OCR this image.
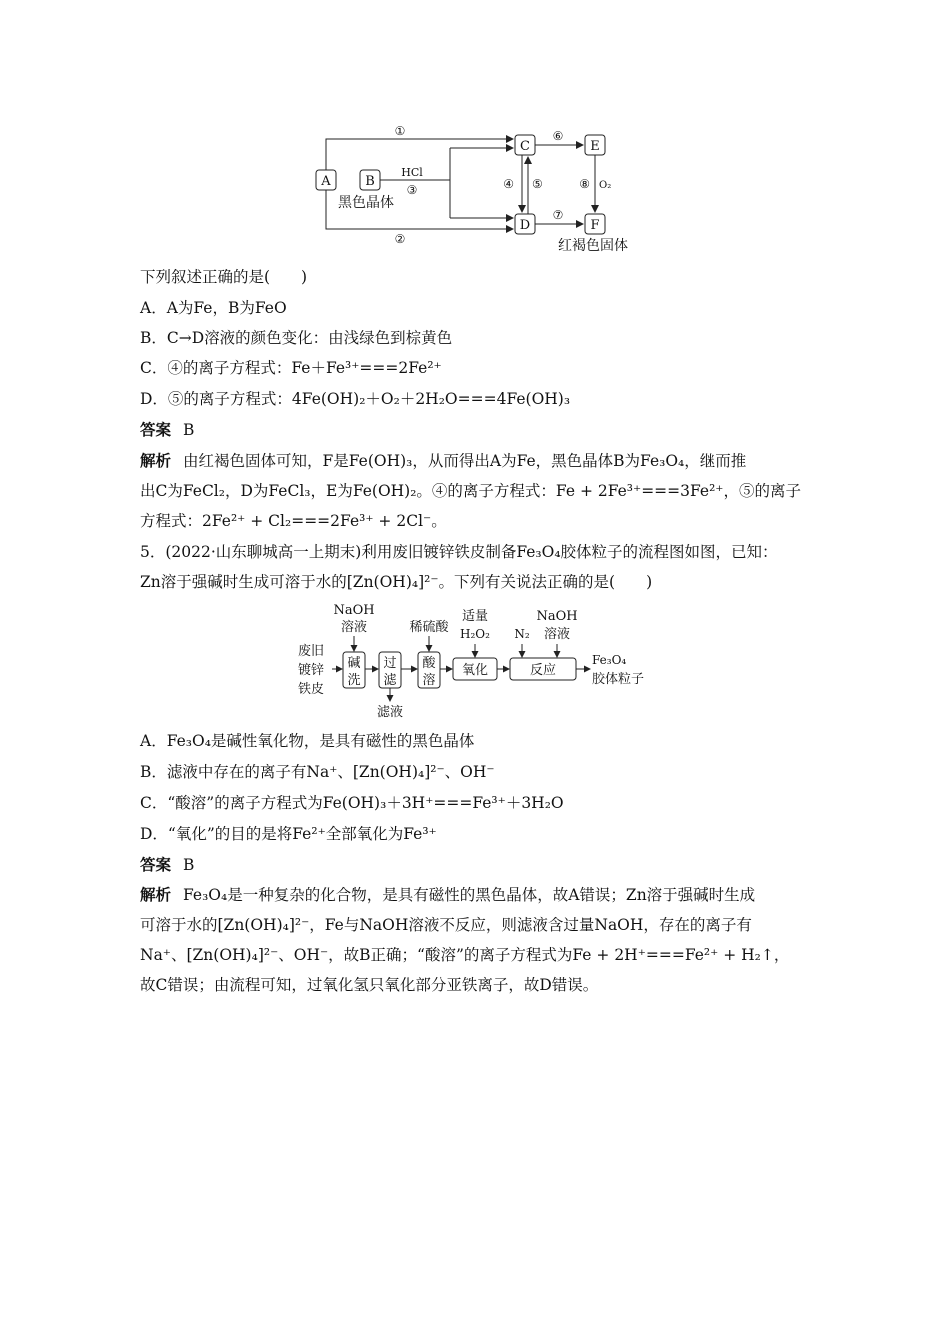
A	B
C
D
E
F
①
②
HCl
③	④ ⑤
⑥
⑦
⑧ O₂
黑色晶体
红褐色固体
下列叙述正确的是(　　)
A．A为Fe，B为FeO
B．C→D溶液的颜色变化：由浅绿色到棕黄色
C．④的离子方程式：Fe＋Fe³⁺===2Fe²⁺
D．⑤的离子方程式：4Fe(OH)₂＋O₂＋2H₂O===4Fe(OH)₃
答案 B
解析 由红褐色固体可知，F是Fe(OH)₃，从而得出A为Fe，黑色晶体B为Fe₃O₄，继而推
出C为FeCl₂，D为FeCl₃，E为Fe(OH)₂。④的离子方程式：Fe + 2Fe³⁺===3Fe²⁺，⑤的离子
方程式：2Fe²⁺ + Cl₂===2Fe³⁺ + 2Cl⁻。
5．(2022·山东聊城高一上期末)利用废旧镀锌铁皮制备Fe₃O₄胶体粒子的流程图如图，已知：
Zn溶于强碱时生成可溶于水的[Zn(OH)₄]²⁻。下列有关说法正确的是(　　)
废旧
镀锌
铁皮
NaOH
溶液
碱
洗
过
滤
滤液
稀硫酸
酸
溶
适量
H₂O₂
氧化
N₂
NaOH
溶液
反应
Fe₃O₄
胶体粒子
A．Fe₃O₄是碱性氧化物，是具有磁性的黑色晶体
B．滤液中存在的离子有Na⁺、[Zn(OH)₄]²⁻、OH⁻
C．“酸溶”的离子方程式为Fe(OH)₃＋3H⁺===Fe³⁺＋3H₂O
D．“氧化”的目的是将Fe²⁺全部氧化为Fe³⁺
答案 B
解析 Fe₃O₄是一种复杂的化合物，是具有磁性的黑色晶体，故A错误；Zn溶于强碱时生成
可溶于水的[Zn(OH)₄]²⁻，Fe与NaOH溶液不反应，则滤液含过量NaOH，存在的离子有
Na⁺、[Zn(OH)₄]²⁻、OH⁻，故B正确；“酸溶”的离子方程式为Fe + 2H⁺===Fe²⁺ + H₂↑，
故C错误；由流程可知，过氧化氢只氧化部分亚铁离子，故D错误。
